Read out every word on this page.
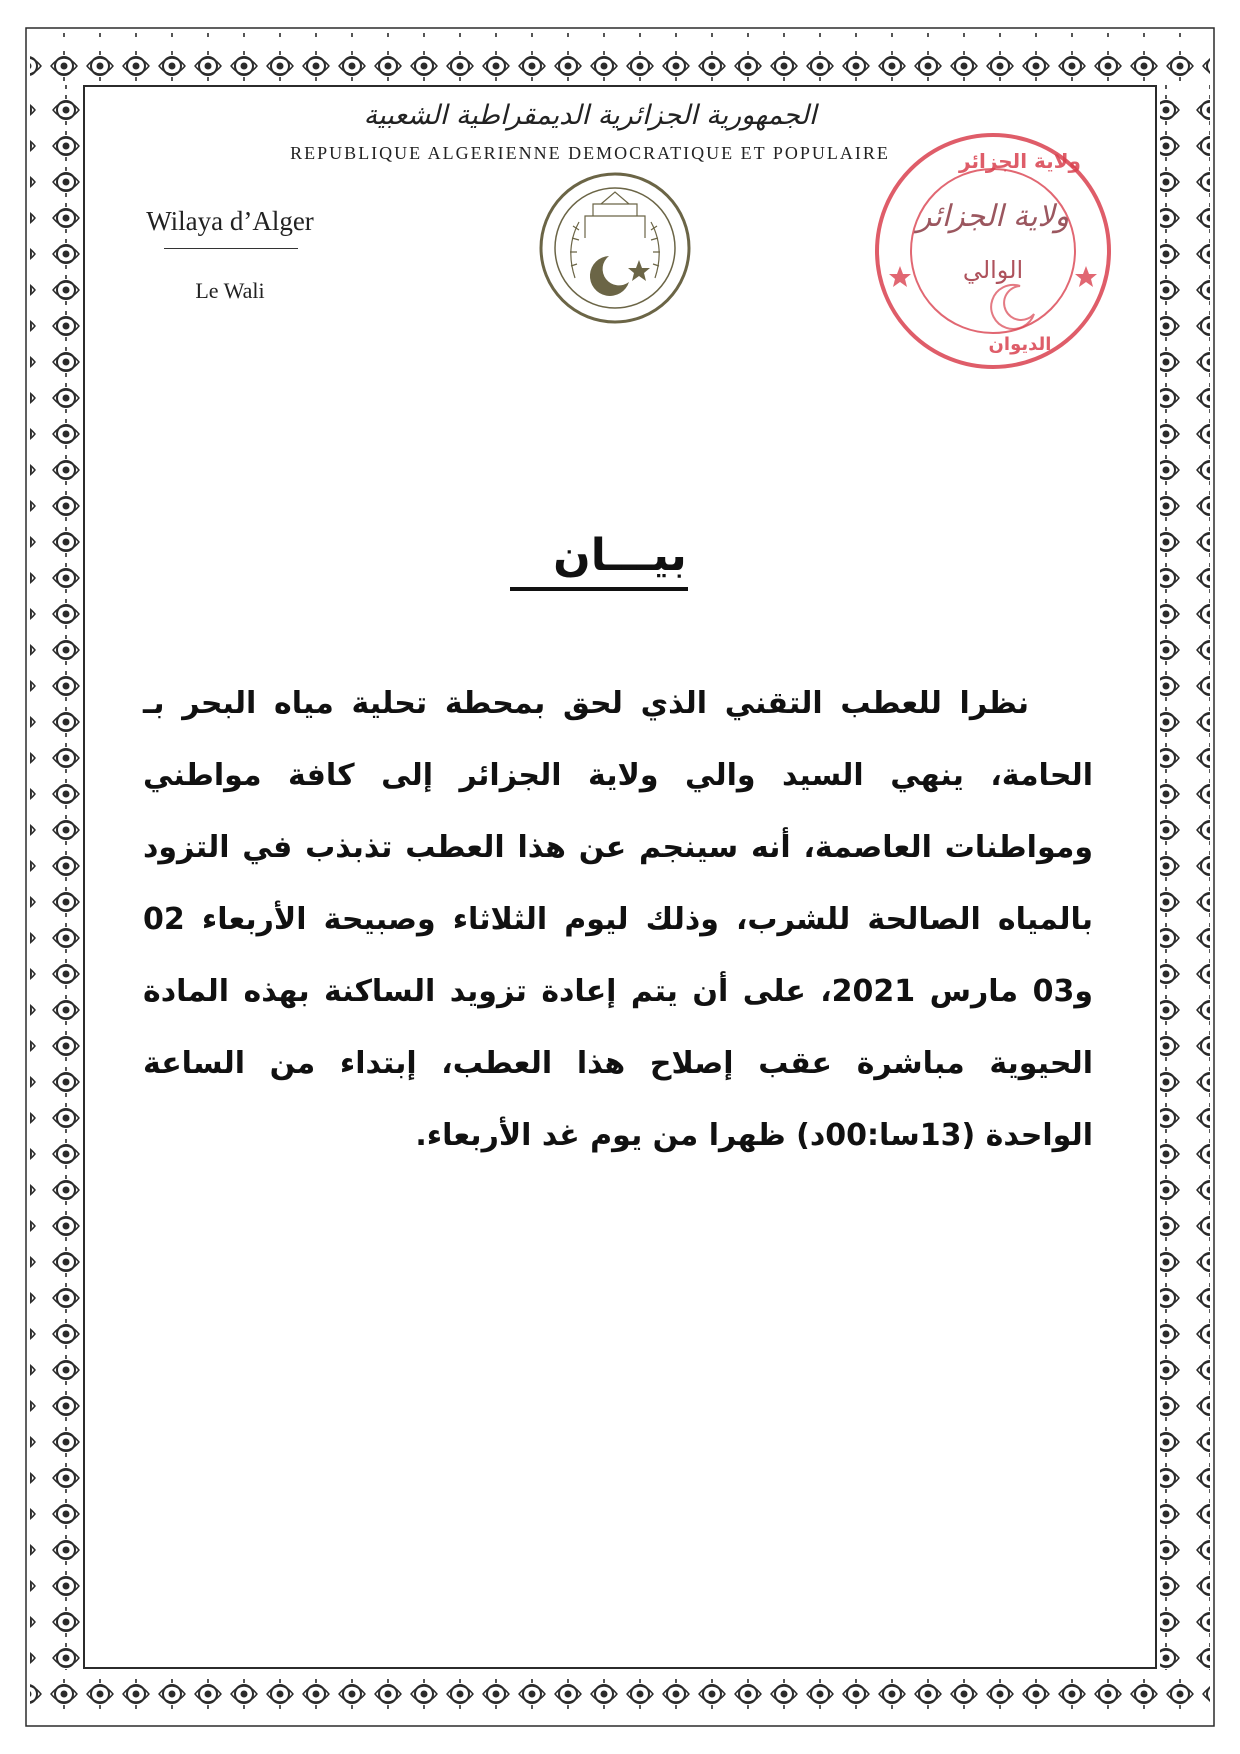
الجمهورية الجزائرية الديمقراطية الشعبية
REPUBLIQUE ALGERIENNE DEMOCRATIQUE ET POPULAIRE
Wilaya d’Alger
Le Wali
ولاية الجزائر
ولاية الجزائر
الوالي
الديوان
بيـــان

نظرا للعطب التقني الذي لحق بمحطة تحلية مياه البحر بـ الحامة، ينهي السيد والي ولاية الجزائر إلى كافة مواطني ومواطنات العاصمة، أنه سينجم عن هذا العطب تذبذب في التزود بالمياه الصالحة للشرب، وذلك ليوم الثلاثاء وصبيحة الأربعاء 02 و03 مارس 2021، على أن يتم إعادة تزويد الساكنة بهذه المادة الحيوية مباشرة عقب إصلاح هذا العطب، إبتداء من الساعة الواحدة (13سا:00د) ظهرا من يوم غد الأربعاء.
